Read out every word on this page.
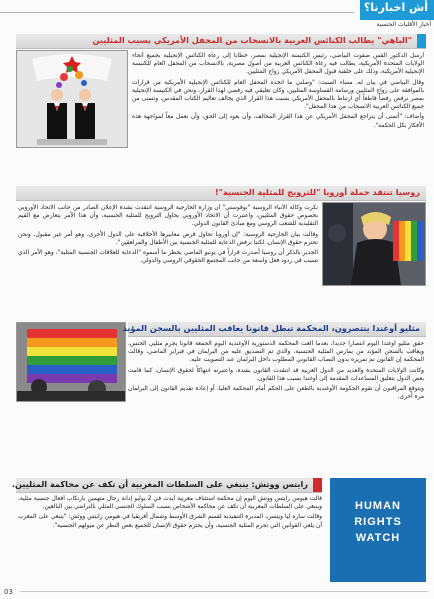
أش اخبارنا؟
أخبار الأقليات الجنسية
"الباهي" يطالب الكنائس العربية بالانسحاب من المحفل الأمريكي بسبب المثليين

أرسل الدكتور القس صفوت البياضي، رئيس الكنيسة الإنجيلية بمصر، خطاباً إلى رعاة الكنائس الإنجيلية بجميع أنحاء الولايات المتحدة الأمريكية، يطالب فيه رعاة الكنائس العربية من أصول مصرية، بالانسحاب من المحفل العام للكنيسة الإنجيلية الأمريكية، وذلك على خلفية قبول المحفل الأمريكي زواج المثليين.

وقال البياضي في بيان له، مساء السبت: "وصلني ما اتخذه المحفل العام للكنائس الإنجيلية الأمريكية من قرارات بالموافقة على زواج المثليين ورسامة القساوسة المثليين، وكان تعليقي فيه رفضي لهذا القرار، ونحن في الكنيسة الإنجيلية بمصر نرفض رفضاً قاطعاً أي ارتباط بالمحفل الأمريكي بسبب هذا القرار الذي يخالف تعاليم الكتاب المقدس، ونتمنى من جميع الكنائس العربية الانسحاب من هذا المحفل".

وأضاف: "أتمنى أن يتراجع المحفل الأمريكي عن هذا القرار المخالف، وأن يعود إلى الحق، وأن نعمل معاً لمواجهة هذه الأفكار بكل الحكمة".

روسيا تنتقد حملة أوروبا "للترويج للمثلية الجنسية"!

نكرت وكالة الأنباء الروسية "نوفوستي" أن وزارة الخارجية الروسية انتقدت بشدة الإعلان الصادر من جانب الاتحاد الأوروبي بخصوص حقوق المثليين، واعتبرت أن الاتحاد الأوروبي يحاول الترويج للمثلية الجنسية، وأن هذا الأمر يتعارض مع القيم التقليدية للشعب الروسي ومع مبادئ القانون الدولي.

وقالت بيان الخارجية الروسية: "إن أوروبا تحاول فرض معاييرها الأخلاقية على الدول الأخرى، وهو أمر غير مقبول، ونحن نحترم حقوق الإنسان، لكننا نرفض الدعاية للمثلية الجنسية بين الأطفال والمراهقين".

الجدير بالذكر أن روسيا أصدرت قراراً في يونيو الماضي يحظر ما أسموه "الدعاية للعلاقات الجنسية المثلية"، وهو الأمر الذي تسبب في ردود فعل واسعة من جانب المجتمع الحقوقي الروسي والدولي.

مثليو أوغندا ينتصرون، المحكمة تبطل قانونا يعاقب المثليين بالسجن المؤبد

حقق مثليو أوغندا اليوم انتصاراً جديداً، بعدما ألغت المحكمة الدستورية الأوغندية اليوم الجمعة قانوناً يجرم مثليي الجنس، ويعاقب بالسجن المؤبد من يمارس المثلية الجنسية، والذي تم التصديق عليه من البرلمان في فبراير الماضي، وقالت المحكمة إن القانون تم تمريره بدون النصاب القانوني المطلوب داخل البرلمان عند التصويت عليه.

وكانت الولايات المتحدة والعديد من الدول الغربية قد انتقدت القانون بشدة، واعتبرته انتهاكاً لحقوق الإنسان، كما قامت بعض الدول بتعليق المساعدات المقدمة إلى أوغندا بسبب هذا القانون.

ويتوقع المراقبون أن تقوم الحكومة الأوغندية بالطعن على الحكم أمام المحكمة العليا، أو إعادة تقديم القانون إلى البرلمان مرة أخرى.

رايتس ووتش: ينبغي على السلطات المغربية أن تكف عن محاكمة المثليين.
HUMAN
RIGHTS
WATCH

قالت هيومن رايتس ووتش اليوم إن محكمة استئناف مغربية أيدت في 2 يوليو إدانة رجال متهمين بارتكاب أفعال جنسية مثلية، وينبغي على السلطات المغربية أن تكف عن محاكمة الأشخاص بسبب السلوك الجنسي المثلي بالتراضي بين البالغين.

وقالت ساره ليا ويتسن، المديرة التنفيذية لقسم الشرق الأوسط وشمال أفريقيا في هيومن رايتس ووتش: "ينبغي على المغرب أن يلغي القوانين التي تجرم المثلية الجنسية، وأن يحترم حقوق الإنسان للجميع بغض النظر عن ميولهم الجنسية".

03
